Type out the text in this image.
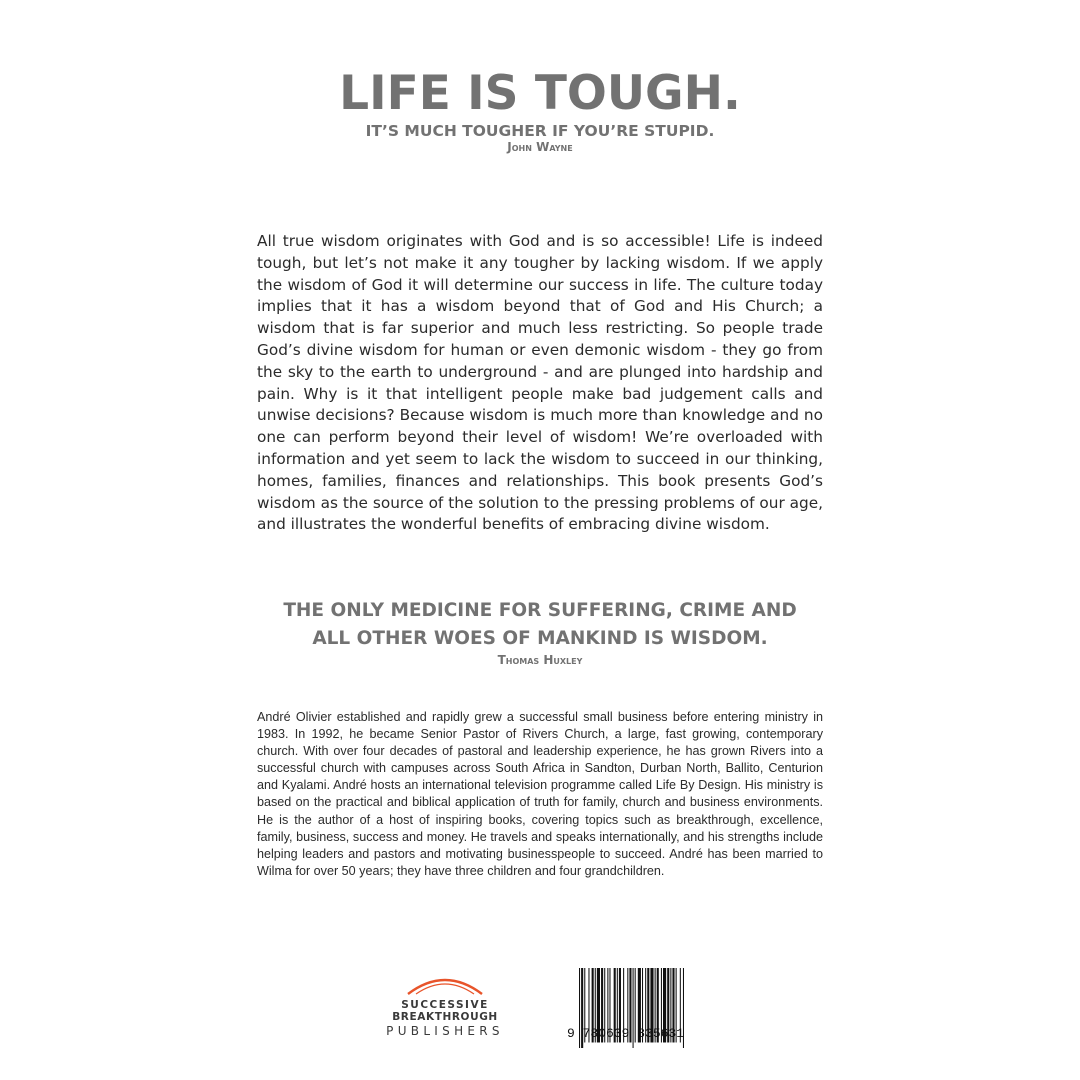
LIFE IS TOUGH.
IT’S MUCH TOUGHER IF YOU’RE STUPID.
John Wayne

All true wisdom originates with God and is so accessible! Life is indeed tough, but let’s not make it any tougher by lacking wisdom. If we apply the wisdom of God it will determine our success in life. The culture today implies that it has a wisdom beyond that of God and His Church; a wisdom that is far superior and much less restricting. So people trade God’s divine wisdom for human or even demonic wisdom - they go from the sky to the earth to underground - and are plunged into hardship and pain. Why is it that intelligent people make bad judgement calls and unwise decisions? Because wisdom is much more than knowledge and no one can perform beyond their level of wisdom! We’re overloaded with information and yet seem to lack the wisdom to succeed in our thinking, homes, families, finances and relationships. This book presents God’s wisdom as the source of the solution to the pressing problems of our age, and illustrates the wonderful benefits of embracing divine wisdom.

THE ONLY MEDICINE FOR SUFFERING, CRIME AND
ALL OTHER WOES OF MANKIND IS WISDOM.
Thomas Huxley

André Olivier established and rapidly grew a successful small business before entering ministry in 1983. In 1992, he became Senior Pastor of Rivers Church, a large, fast growing, contemporary church. With over four decades of pastoral and leadership experience, he has grown Rivers into a successful church with campuses across South Africa in Sandton, Durban North, Ballito, Centurion and Kyalami. André hosts an international television programme called Life By Design. His ministry is based on the practical and biblical application of truth for family, church and business environments. He is the author of a host of inspiring books, covering topics such as breakthrough, excellence, family, business, success and money. He travels and speaks internationally, and his strengths include helping leaders and pastors and motivating businesspeople to succeed. André has been married to Wilma for over 50 years; they have three children and four grandchildren.

SUCCESSIVE
BREAKTHROUGH
PUBLISHERS	9 780639 835631
